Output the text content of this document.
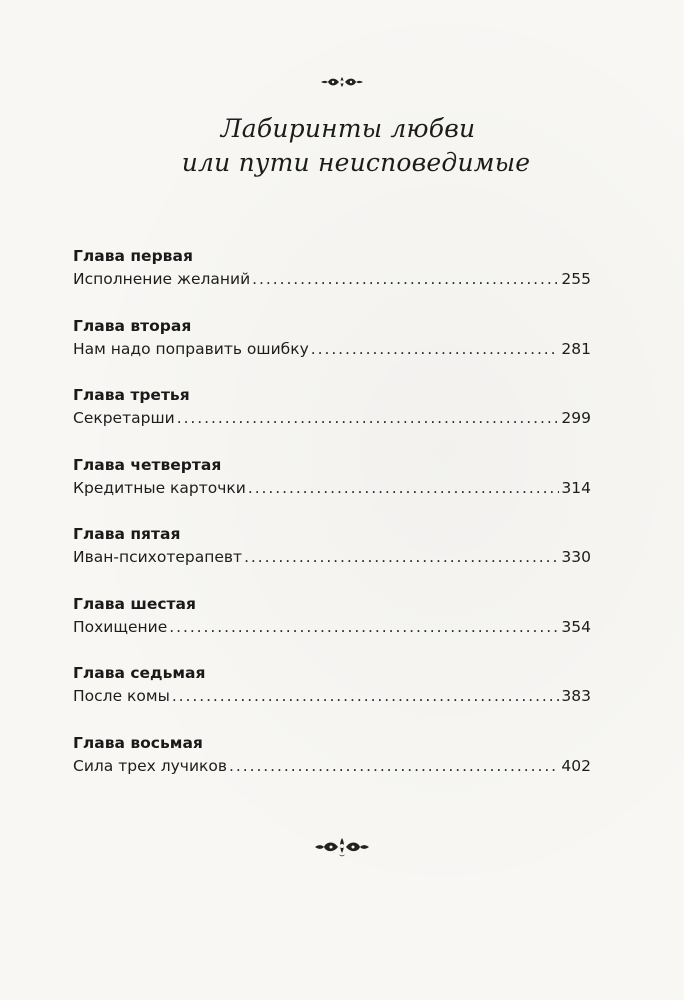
Лабиринты любви
или пути неисповедимые
Глава первая
Исполнение желаний . . .	255
Глава вторая
Нам надо поправить ошибку . . .	281
Глава третья
Секретарши . . .	299
Глава четвертая
Кредитные карточки . . .	314
Глава пятая
Иван-психотерапевт . . .	330
Глава шестая
Похищение . . .	354
Глава седьмая
После комы . . .	383
Глава восьмая
Сила трех лучиков . . .	402
